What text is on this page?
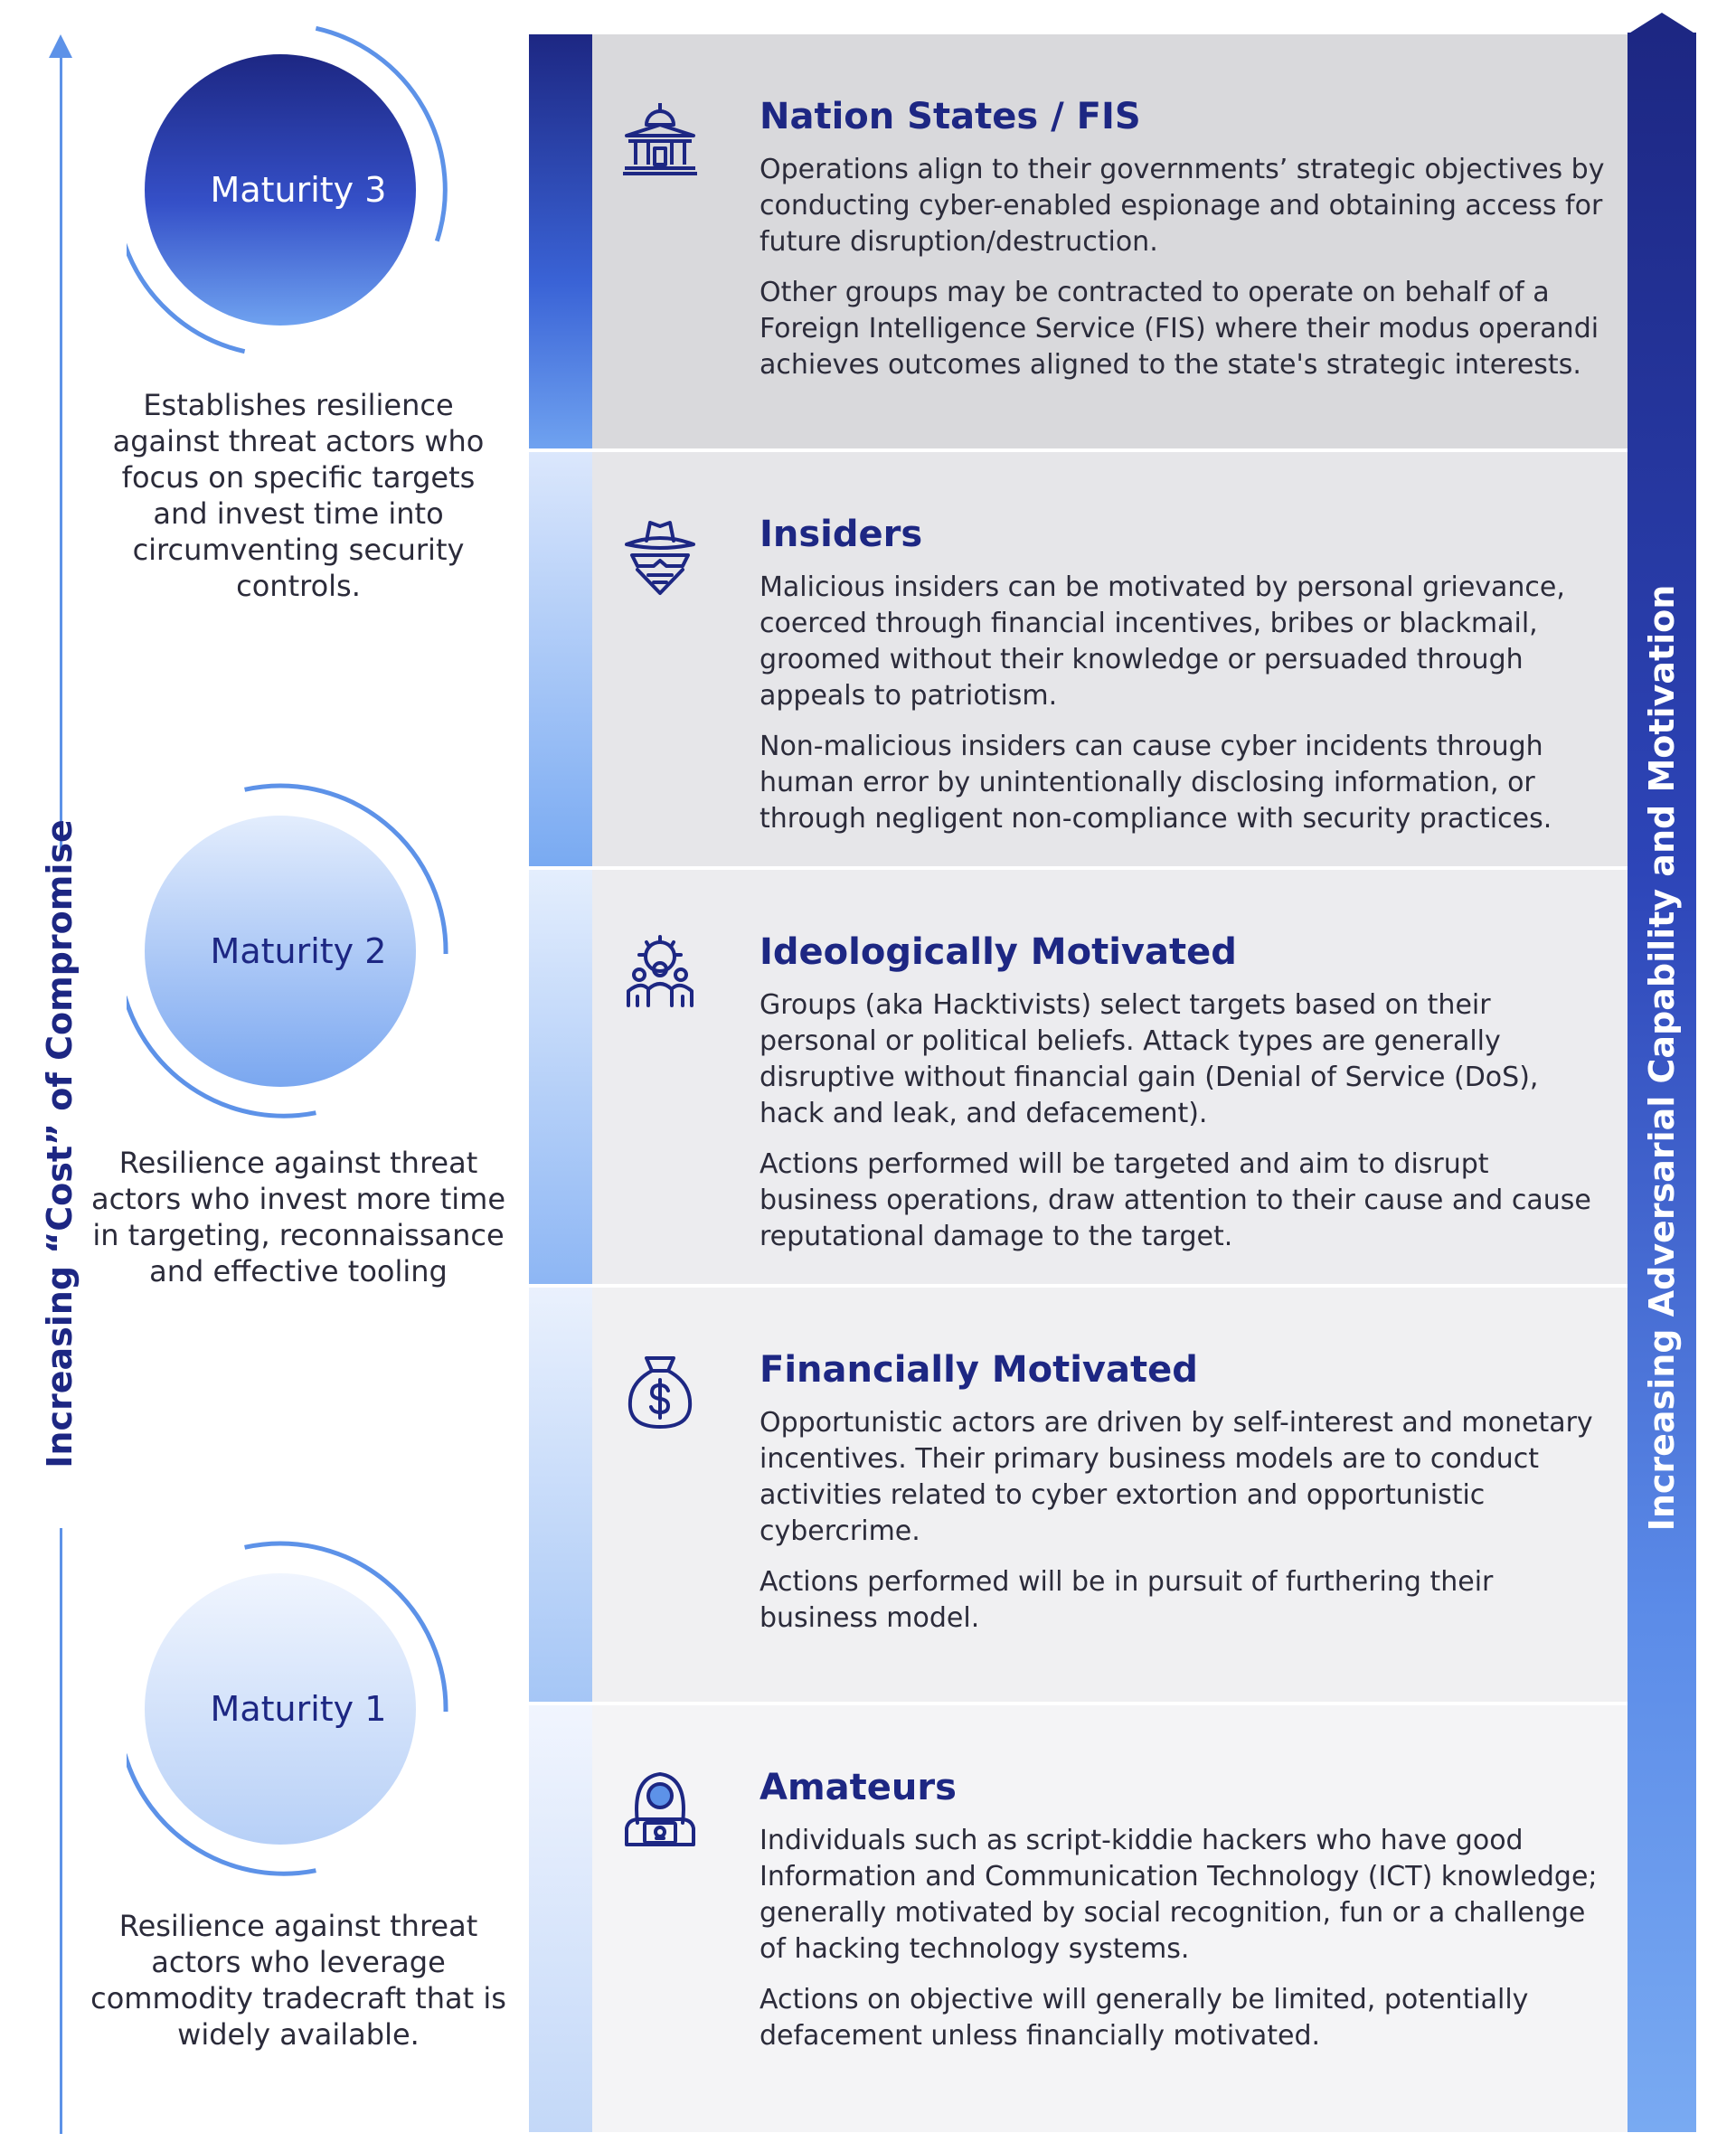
Increasing “Cost” of Compromise
Maturity 3
Establishes resilience against threat actors who focus on specific targets and invest time into circumventing security controls.
Maturity 2
Resilience against threat actors who invest more time in targeting, reconnaissance and effective tooling
Maturity 1
Resilience against threat actors who leverage commodity tradecraft that is widely available.
Nation States / FIS

Operations align to their governments’ strategic objectives by conducting cyber-enabled espionage and obtaining access for future disruption/destruction.

Other groups may be contracted to operate on behalf of a Foreign Intelligence Service (FIS) where their modus operandi achieves outcomes aligned to the state's strategic interests.

Insiders

Malicious insiders can be motivated by personal grievance, coerced through financial incentives, bribes or blackmail, groomed without their knowledge or persuaded through appeals to patriotism.

Non-malicious insiders can cause cyber incidents through human error by unintentionally disclosing information, or through negligent non-compliance with security practices.

Ideologically Motivated

Groups (aka Hacktivists) select targets based on their personal or political beliefs. Attack types are generally disruptive without financial gain (Denial of Service (DoS), hack and leak, and defacement).

Actions performed will be targeted and aim to disrupt business operations, draw attention to their cause and cause reputational damage to the target.

Financially Motivated

Opportunistic actors are driven by self-interest and monetary incentives. Their primary business models are to conduct activities related to cyber extortion and opportunistic cybercrime.

Actions performed will be in pursuit of furthering their business model.

Amateurs

Individuals such as script-kiddie hackers who have good Information and Communication Technology (ICT) knowledge; generally motivated by social recognition, fun or a challenge of hacking technology systems.

Actions on objective will generally be limited, potentially defacement unless financially motivated.

Increasing Adversarial Capability and Motivation
